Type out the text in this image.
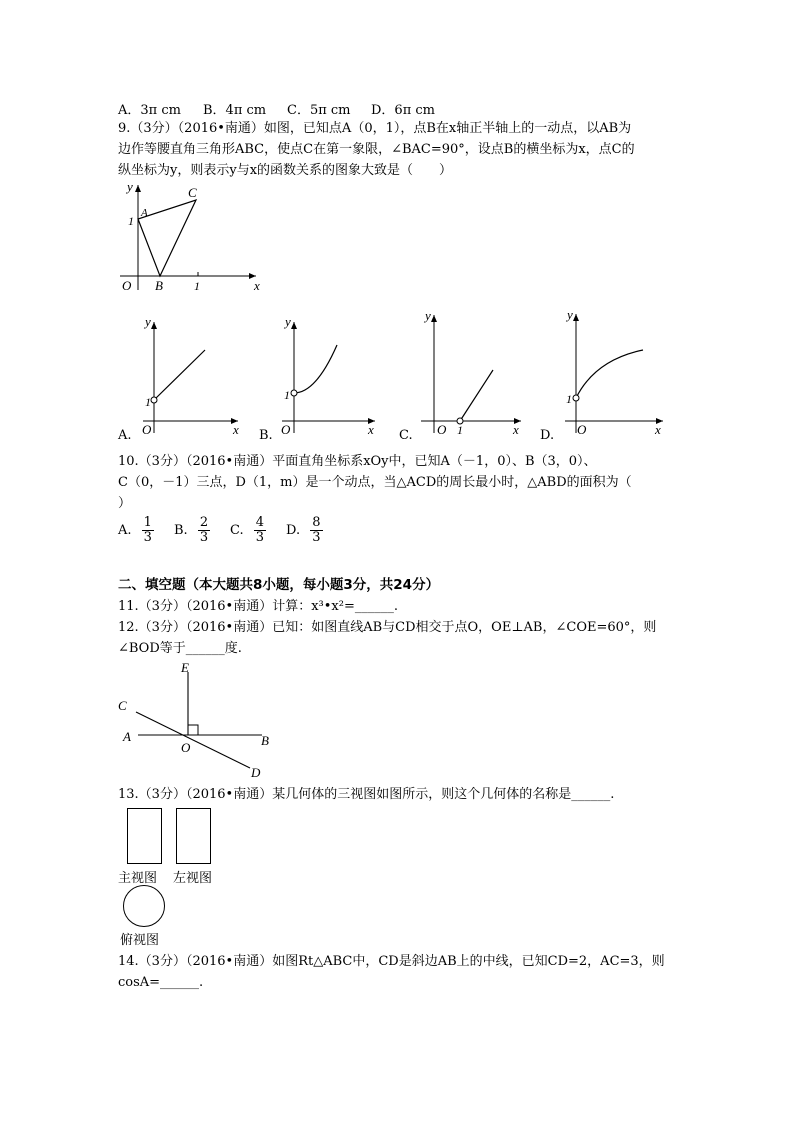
A．3π cm B．4π cm C．5π cm D．6π cm
9.（3分）（2016•南通）如图，已知点A（0，1），点B在x轴正半轴上的一动点，以AB为
边作等腰直角三角形ABC，使点C在第一象限，∠BAC=90°，设点B的横坐标为x，点C的
纵坐标为y，则表示y与x的函数关系的图象大致是（　　）
y
x
O
A
B
C
1
1
y
x
O
1
y
x
O
1
y
x
O 1
y
x
O
1
A.	B.	C.	D.
10.（3分）（2016•南通）平面直角坐标系xOy中，已知A（－1，0）、B（3，0）、
C（0，－1）三点，D（1，m）是一个动点，当△ACD的周长最小时，△ABD的面积为（
）
A. $\frac{1}{3} B$. $\frac{2}{3} C$. $\frac{4}{3} D$. $\frac{8}{3}$
二、填空题（本大题共8小题，每小题3分，共24分）
11.（3分）（2016•南通）计算：x³•x²=______.
12.（3分）（2016•南通）已知：如图直线AB与CD相交于点O，OE⊥AB，∠COE=60°，则
∠BOD等于______度.
E
C
A
O	B
D
13.（3分）（2016•南通）某几何体的三视图如图所示，则这个几何体的名称是______.
主视图 左视图
俯视图
14.（3分）（2016•南通）如图Rt△ABC中，CD是斜边AB上的中线，已知CD=2，AC=3，则
cosA=______.
